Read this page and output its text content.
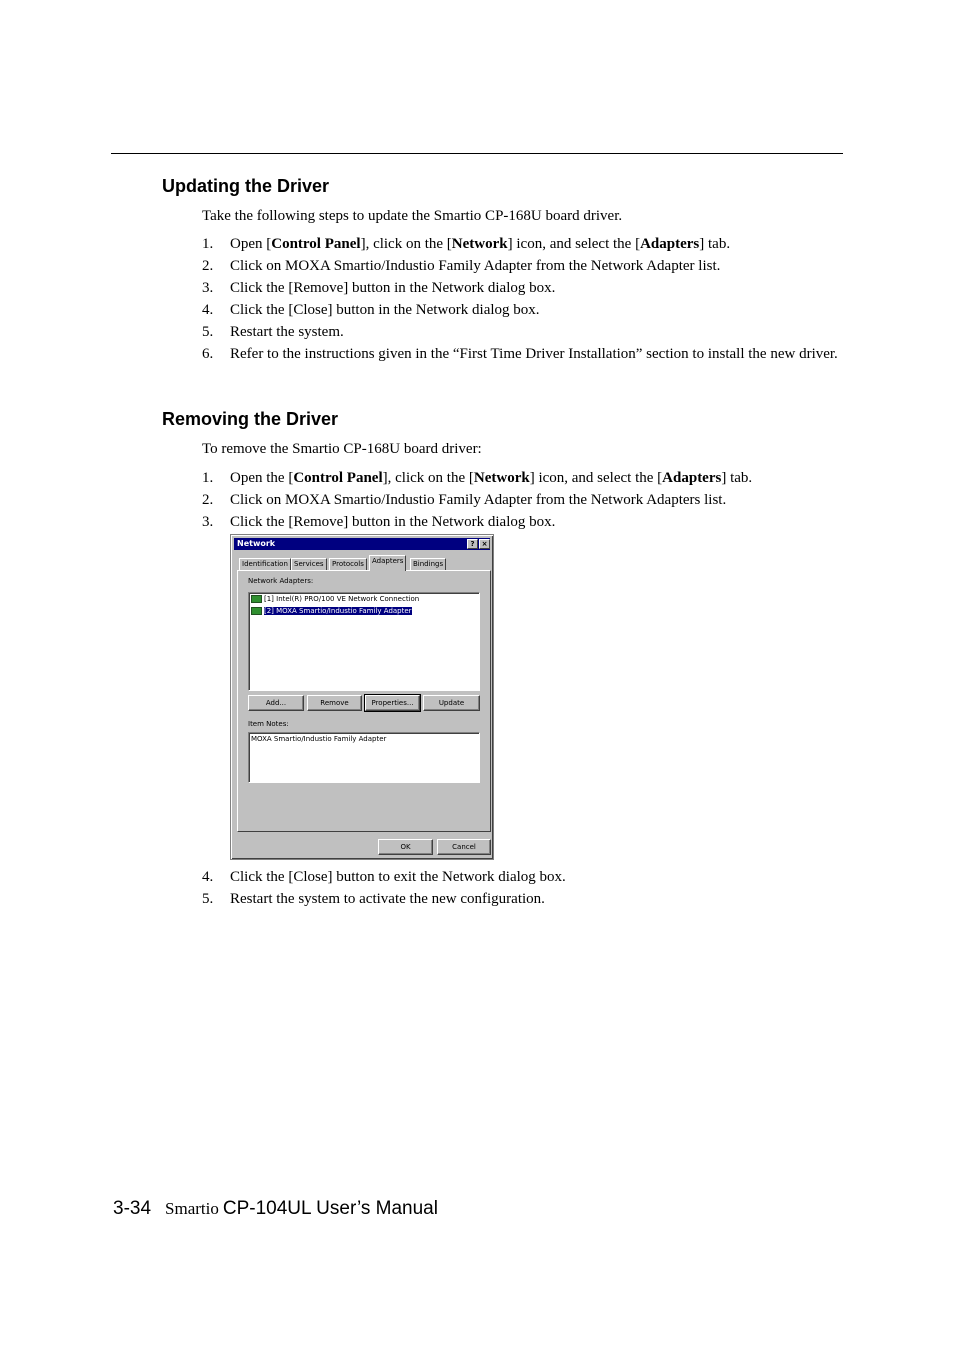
Updating the Driver
Take the following steps to update the Smartio CP-168U board driver.
1. Open [Control Panel], click on the [Network] icon, and select the [Adapters] tab.
2. Click on MOXA Smartio/Industio Family Adapter from the Network Adapter list.
3. Click the [Remove] button in the Network dialog box.
4. Click the [Close] button in the Network dialog box.
5. Restart the system.
6. Refer to the instructions given in the “First Time Driver Installation” section to install the new driver.
Removing the Driver
To remove the Smartio CP-168U board driver:
1. Open the [Control Panel], click on the [Network] icon, and select the [Adapters] tab.
2. Click on MOXA Smartio/Industio Family Adapter from the Network Adapters list.
3. Click the [Remove] button in the Network dialog box.
4. Click the [Close] button to exit the Network dialog box.
5. Restart the system to activate the new configuration.
Network	?	×
Identification Services	Protocols	Adapters	Bindings
Network Adapters:
[1] Intel(R) PRO/100 VE Network Connection
[2] MOXA Smartio/Industio Family Adapter
Add...	Remove	Properties...	Update
Item Notes:
MOXA Smartio/Industio Family Adapter
OK	Cancel
3-34 Smartio CP-104UL User’s Manual
